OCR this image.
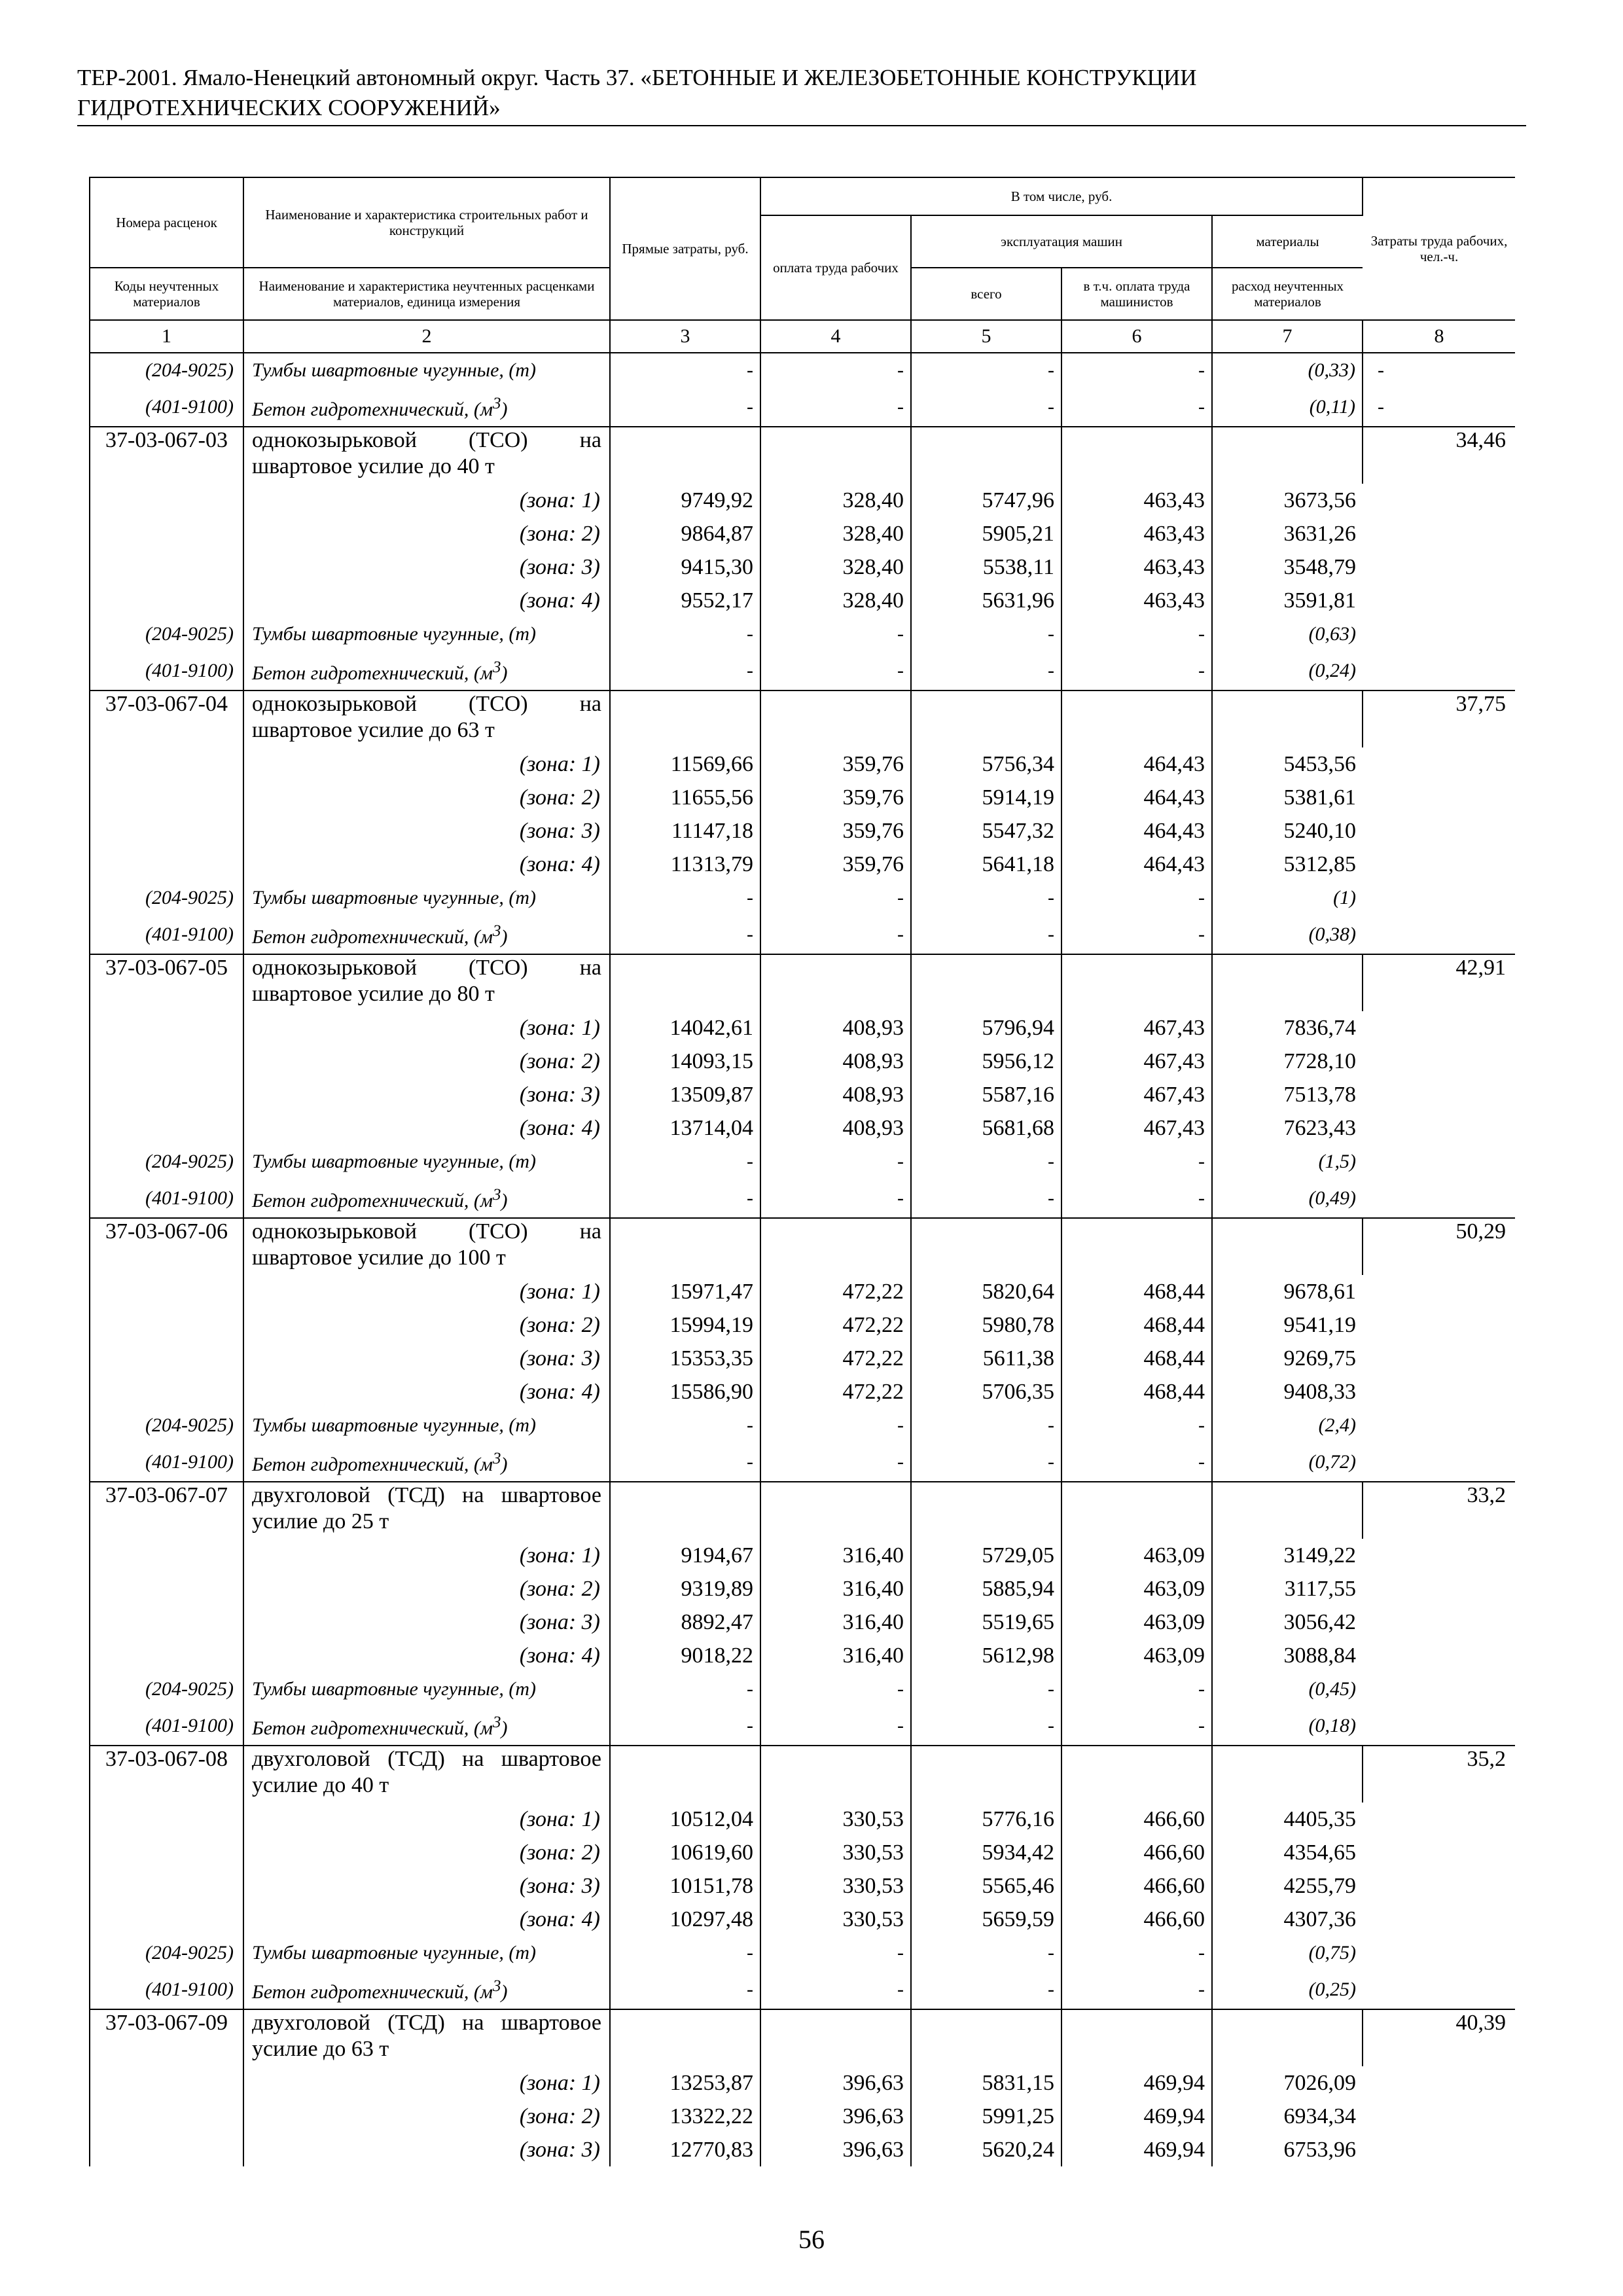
ТЕР-2001. Ямало-Ненецкий автономный округ. Часть 37. «БЕТОННЫЕ И ЖЕЛЕЗОБЕТОННЫЕ КОНСТРУКЦИИ
ГИДРОТЕХНИЧЕСКИХ СООРУЖЕНИЙ»
Номера расценок	Наименование и характеристика строительных работ и конструкций	Прямые затраты, руб.	В том числе, руб.				Затраты труда рабочих, чел.-ч.
			оплата труда рабочих	эксплуатация машин		материалы	
Коды неучтенных материалов	Наименование и характеристика неучтенных расценками материалов, единица измерения			всего	в т.ч. оплата труда машинистов	расход неучтенных материалов	
1	2	3	4	5	6	7	8
(204-9025)	Тумбы швартовные чугунные, (т)	-	-	-	-	(0,33)	-
(401-9100)	Бетон гидротехнический, $(м^3)$	-	-	-	-	(0,11)	-
37-03-067-03	однокозырьковой (ТСО) на швартовое усилие до 40 т						34,46
	(зона: 1)	9749,92	328,40	5747,96	463,43	3673,56	
	(зона: 2)	9864,87	328,40	5905,21	463,43	3631,26	
	(зона: 3)	9415,30	328,40	5538,11	463,43	3548,79	
	(зона: 4)	9552,17	328,40	5631,96	463,43	3591,81	
(204-9025)	Тумбы швартовные чугунные, (т)	-	-	-	-	(0,63)	
(401-9100)	Бетон гидротехнический, $(м^3)$	-	-	-	-	(0,24)	
37-03-067-04	однокозырьковой (ТСО) на швартовое усилие до 63 т						37,75
	(зона: 1)	11569,66	359,76	5756,34	464,43	5453,56	
	(зона: 2)	11655,56	359,76	5914,19	464,43	5381,61	
	(зона: 3)	11147,18	359,76	5547,32	464,43	5240,10	
	(зона: 4)	11313,79	359,76	5641,18	464,43	5312,85	
(204-9025)	Тумбы швартовные чугунные, (т)	-	-	-	-	(1)	
(401-9100)	Бетон гидротехнический, $(м^3)$	-	-	-	-	(0,38)	
37-03-067-05	однокозырьковой (ТСО) на швартовое усилие до 80 т						42,91
	(зона: 1)	14042,61	408,93	5796,94	467,43	7836,74	
	(зона: 2)	14093,15	408,93	5956,12	467,43	7728,10	
	(зона: 3)	13509,87	408,93	5587,16	467,43	7513,78	
	(зона: 4)	13714,04	408,93	5681,68	467,43	7623,43	
(204-9025)	Тумбы швартовные чугунные, (т)	-	-	-	-	(1,5)	
(401-9100)	Бетон гидротехнический, $(м^3)$	-	-	-	-	(0,49)	
37-03-067-06	однокозырьковой (ТСО) на швартовое усилие до 100 т						50,29
	(зона: 1)	15971,47	472,22	5820,64	468,44	9678,61	
	(зона: 2)	15994,19	472,22	5980,78	468,44	9541,19	
	(зона: 3)	15353,35	472,22	5611,38	468,44	9269,75	
	(зона: 4)	15586,90	472,22	5706,35	468,44	9408,33	
(204-9025)	Тумбы швартовные чугунные, (т)	-	-	-	-	(2,4)	
(401-9100)	Бетон гидротехнический, $(м^3)$	-	-	-	-	(0,72)	
37-03-067-07	двухголовой (ТСД) на швартовое усилие до 25 т						33,2
	(зона: 1)	9194,67	316,40	5729,05	463,09	3149,22	
	(зона: 2)	9319,89	316,40	5885,94	463,09	3117,55	
	(зона: 3)	8892,47	316,40	5519,65	463,09	3056,42	
	(зона: 4)	9018,22	316,40	5612,98	463,09	3088,84	
(204-9025)	Тумбы швартовные чугунные, (т)	-	-	-	-	(0,45)	
(401-9100)	Бетон гидротехнический, $(м^3)$	-	-	-	-	(0,18)	
37-03-067-08	двухголовой (ТСД) на швартовое усилие до 40 т						35,2
	(зона: 1)	10512,04	330,53	5776,16	466,60	4405,35	
	(зона: 2)	10619,60	330,53	5934,42	466,60	4354,65	
	(зона: 3)	10151,78	330,53	5565,46	466,60	4255,79	
	(зона: 4)	10297,48	330,53	5659,59	466,60	4307,36	
(204-9025)	Тумбы швартовные чугунные, (т)	-	-	-	-	(0,75)	
(401-9100)	Бетон гидротехнический, $(м^3)$	-	-	-	-	(0,25)	
37-03-067-09	двухголовой (ТСД) на швартовое усилие до 63 т						40,39
	(зона: 1)	13253,87	396,63	5831,15	469,94	7026,09	
	(зона: 2)	13322,22	396,63	5991,25	469,94	6934,34	
	(зона: 3)	12770,83	396,63	5620,24	469,94	6753,96	
56
